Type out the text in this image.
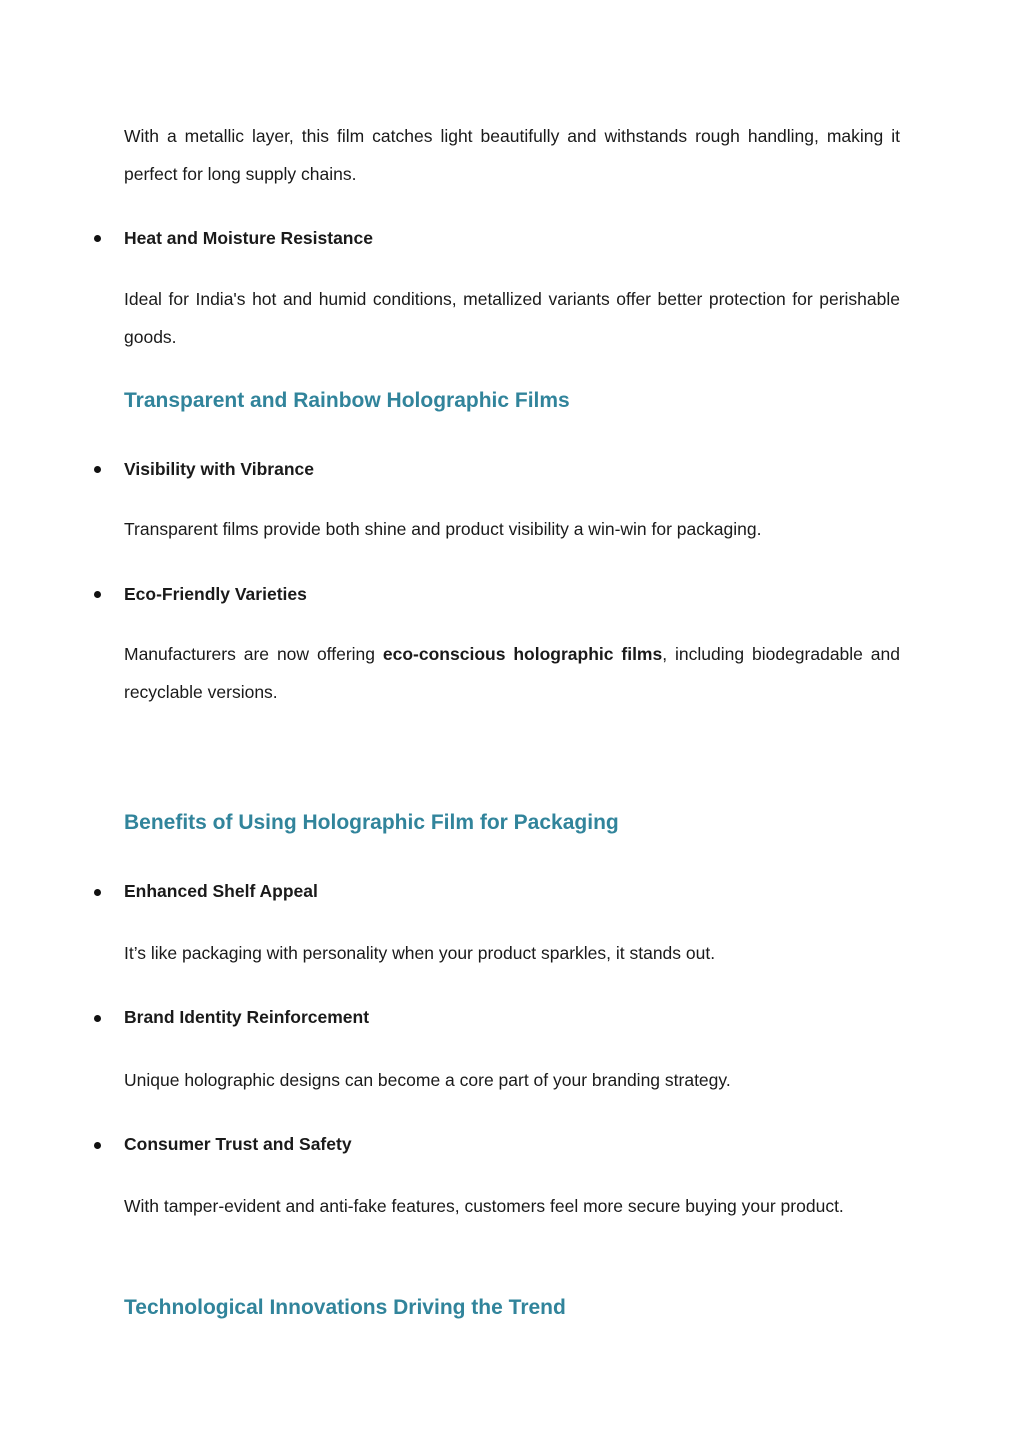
With a metallic layer, this film catches light beautifully and withstands rough handling, making it perfect for long supply chains.

Heat and Moisture Resistance

Ideal for India's hot and humid conditions, metallized variants offer better protection for perishable goods.

Transparent and Rainbow Holographic Films

Visibility with Vibrance

Transparent films provide both shine and product visibility a win-win for packaging.

Eco-Friendly Varieties

Manufacturers are now offering eco-conscious holographic films, including biodegradable and recyclable versions.

Benefits of Using Holographic Film for Packaging

Enhanced Shelf Appeal

It’s like packaging with personality when your product sparkles, it stands out.

Brand Identity Reinforcement

Unique holographic designs can become a core part of your branding strategy.

Consumer Trust and Safety

With tamper-evident and anti-fake features, customers feel more secure buying your product.

Technological Innovations Driving the Trend
